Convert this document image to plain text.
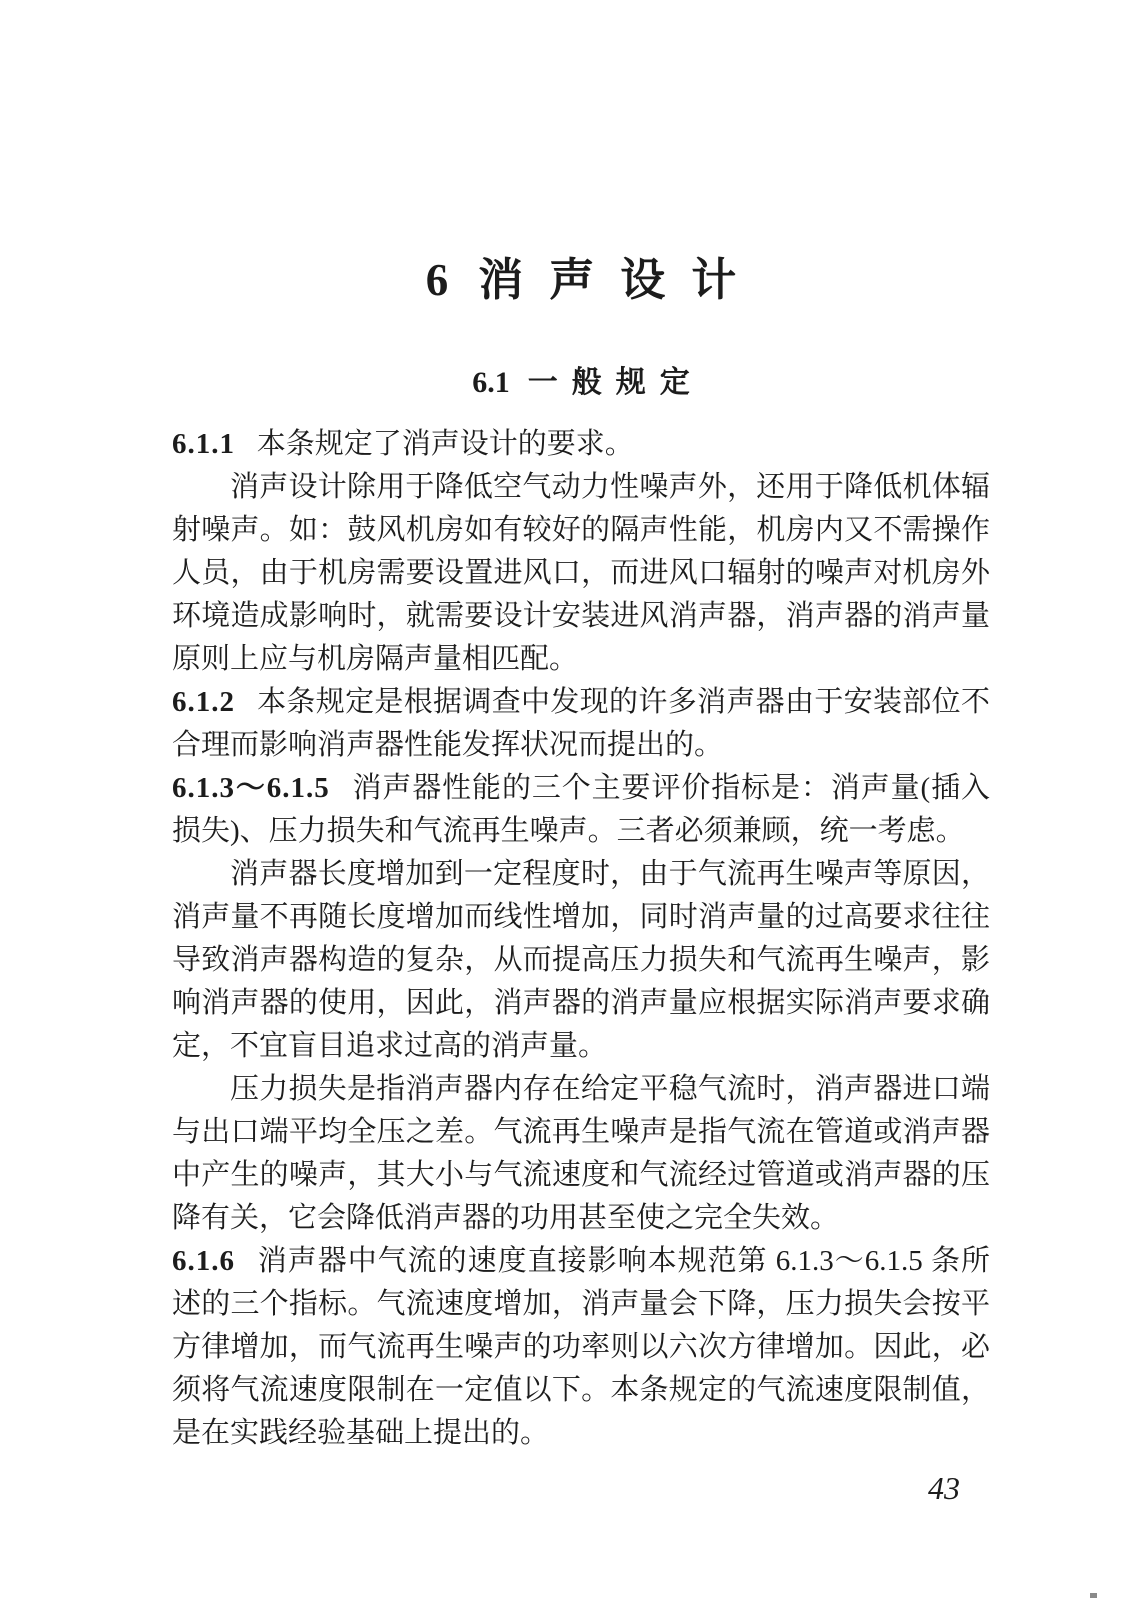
6 消声设计
6.1 一般规定

6.1.1 本条规定了消声设计的要求。

消声设计除用于降低空气动力性噪声外，还用于降低机体辐射噪声。如：鼓风机房如有较好的隔声性能，机房内又不需操作人员，由于机房需要设置进风口，而进风口辐射的噪声对机房外环境造成影响时，就需要设计安装进风消声器，消声器的消声量原则上应与机房隔声量相匹配。

6.1.2 本条规定是根据调查中发现的许多消声器由于安装部位不合理而影响消声器性能发挥状况而提出的。

6.1.3～6.1.5 消声器性能的三个主要评价指标是：消声量(插入损失)、压力损失和气流再生噪声。三者必须兼顾，统一考虑。

消声器长度增加到一定程度时，由于气流再生噪声等原因，消声量不再随长度增加而线性增加，同时消声量的过高要求往往导致消声器构造的复杂，从而提高压力损失和气流再生噪声，影响消声器的使用，因此，消声器的消声量应根据实际消声要求确定，不宜盲目追求过高的消声量。

压力损失是指消声器内存在给定平稳气流时，消声器进口端与出口端平均全压之差。气流再生噪声是指气流在管道或消声器中产生的噪声，其大小与气流速度和气流经过管道或消声器的压降有关，它会降低消声器的功用甚至使之完全失效。

6.1.6 消声器中气流的速度直接影响本规范第 6.1.3～6.1.5 条所述的三个指标。气流速度增加，消声量会下降，压力损失会按平方律增加，而气流再生噪声的功率则以六次方律增加。因此，必须将气流速度限制在一定值以下。本条规定的气流速度限制值，是在实践经验基础上提出的。

43
